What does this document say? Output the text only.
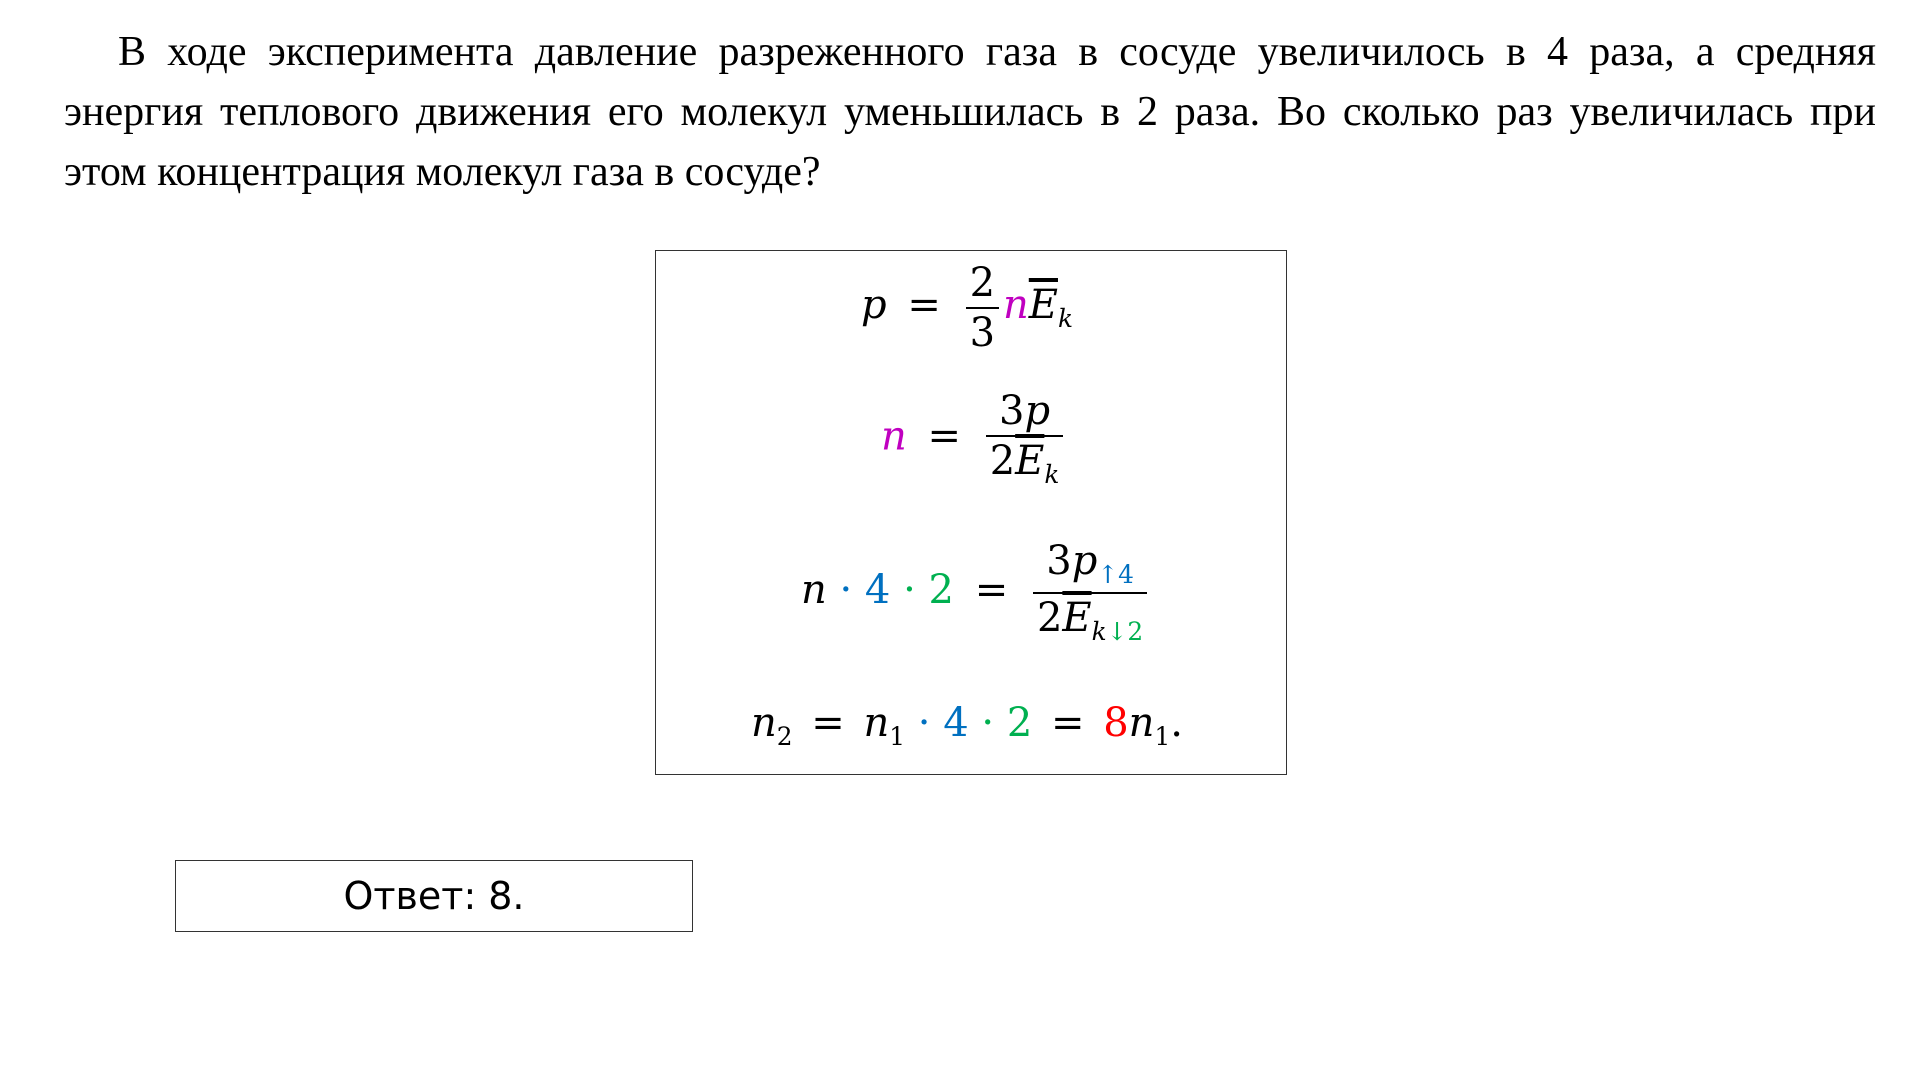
В ходе эксперимента давление разреженного газа в сосуде увеличилось в 4 раза, а средняя энергия теплового движения его молекул уменьшилась в 2 раза. Во сколько раз увеличилась при этом концентрация молекул газа в сосуде?
$p = \frac{2}{3} n\overline{E}_k$
$n = \frac{3p}{2\overline{E}_k}$
$n \cdot 4 \cdot 2 = \frac{3p_{↑4}}{2\overline{E}_{k↓2}}$
$n_2 = n_1 \cdot 4 \cdot 2 = 8n_1$.
Ответ: 8.
